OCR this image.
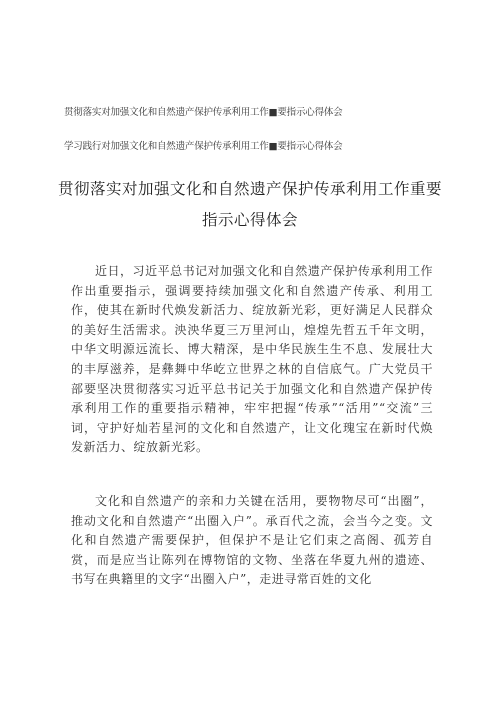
贯彻落实对加强文化和自然遗产保护传承利用工作■要指示心得体会
学习践行对加强文化和自然遗产保护传承利用工作■要指示心得体会
贯彻落实对加强文化和自然遗产保护传承利用工作重要
指示心得体会

近日，习近平总书记对加强文化和自然遗产保护传承利用工作作出重要指示，强调要持续加强文化和自然遗产传承、利用工作，使其在新时代焕发新活力、绽放新光彩，更好满足人民群众的美好生活需求。泱泱华夏三万里河山，煌煌先哲五千年文明，中华文明源远流长、博大精深，是中华民族生生不息、发展壮大的丰厚滋养，是彝舞中华屹立世界之林的自信底气。广大党员干部要坚决贯彻落实习近平总书记关于加强文化和自然遗产保护传承利用工作的重要指示精神，牢牢把握“传承”“活用”“交流”三词，守护好灿若星河的文化和自然遗产，让文化瑰宝在新时代焕发新活力、绽放新光彩。

文化和自然遗产的亲和力关键在活用，要物物尽可“出圈”，推动文化和自然遗产“出圈入户”。承百代之流，会当今之变。文化和自然遗产需要保护，但保护不是让它们束之高阁、孤芳自赏，而是应当让陈列在博物馆的文物、坐落在华夏九州的遗迹、书写在典籍里的文字“出圈入户”，走进寻常百姓的文化
